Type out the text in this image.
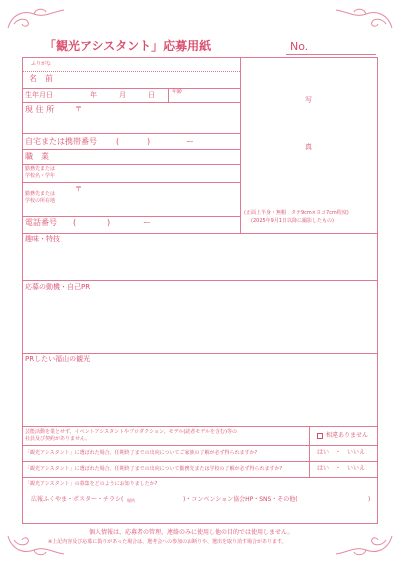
「観光アシスタント」応募用紙	No.
ふりがな
名　前
生年月日	年	月	日	年齢
現 住 所	〒
自宅または携帯番号 (	)	ー
職　業
勤務先または
学校名・学年
勤務先または
学校の所在地
〒
電話番号 (	)	ー
写
真
(正面上半身・無帽　タテ9cm×ヨコ7cm程度)
(2025年9月1日以降に撮影したもの)
趣味・特技
応募の動機・自己PR
PRしたい福山の観光
芸能活動を業とせず、イベントアシスタントやプロダクション、モデル(読者モデルを含む)等の
社員及び契約がありません。	相違ありません
「観光アシスタント」に選ばれた場合、任期終了までの出向についてご家族の了解が必ず得られますか?	はい　・　いいえ
「観光アシスタント」に選ばれた場合、任期終了までの出向について勤務先または学校の了解が必ず得られますか?	はい　・　いいえ
「観光アシスタント」の募集をどのようにお知りましたか?
広報ふくやま・ポスター・チラシ( 場所	)・コンベンション協会HP・SNS・その他(	)
個人情報は、応募者の管理、連絡のみに使用し他の目的では使用しません。
※上記内容及び応募に偽りがあった場合は、選考会への参加のお断りや、選出を取り消す場合があります。
